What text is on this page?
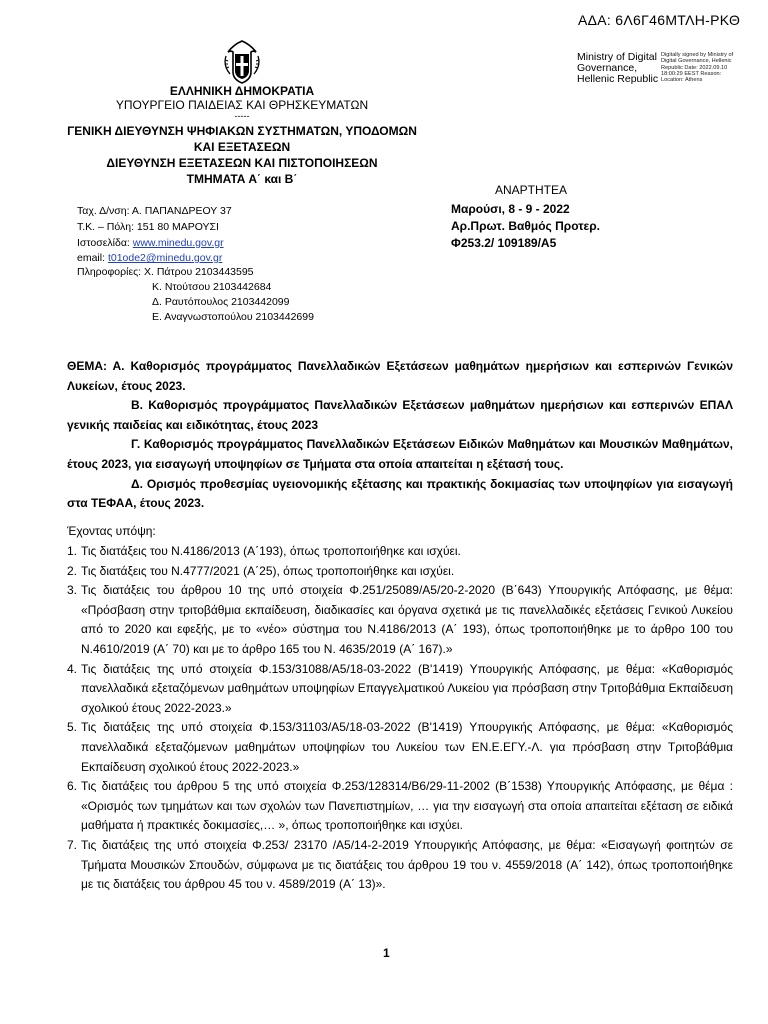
ΑΔΑ: 6Λ6Γ46ΜΤΛΗ-ΡΚΘ
Ministry of Digital Governance, Hellenic Republic
Digitally signed by Ministry of Digital Governance, Hellenic Republic Date: 2022.09.10 18:00:29 EEST Reason: Location: Athens
ΕΛΛΗΝΙΚΗ ΔΗΜΟΚΡΑΤΙΑ
ΥΠΟΥΡΓΕΙΟ ΠΑΙΔΕΙΑΣ ΚΑΙ ΘΡΗΣΚΕΥΜΑΤΩΝ
-----
ΓΕΝΙΚΗ ΔΙΕΥΘΥΝΣΗ ΨΗΦΙΑΚΩΝ ΣΥΣΤΗΜΑΤΩΝ, ΥΠΟΔΟΜΩΝ
ΚΑΙ ΕΞΕΤΑΣΕΩΝ
ΔΙΕΥΘΥΝΣΗ ΕΞΕΤΑΣΕΩΝ ΚΑΙ ΠΙΣΤΟΠΟΙΗΣΕΩΝ
ΤΜΗΜΑΤΑ Α΄ και Β΄
ΑΝΑΡΤΗΤΕΑ
Μαρούσι, 8 - 9 - 2022
Αρ.Πρωτ. Βαθμός Προτερ.
Φ253.2/ 109189/Α5
Ταχ. Δ/νση: Α. ΠΑΠΑΝΔΡΕΟΥ 37
Τ.Κ. – Πόλη: 151 80 ΜΑΡΟΥΣΙ
Ιστοσελίδα: www.minedu.gov.gr
email: t01ode2@minedu.gov.gr
Πληροφορίες: Χ. Πάτρου 2103443595
Κ. Ντούτσου 2103442684
Δ. Ραυτόπουλος 2103442099
Ε. Αναγνωστοπούλου 2103442699
ΘΕΜΑ: Α. Καθορισμός προγράμματος Πανελλαδικών Εξετάσεων μαθημάτων ημερήσιων και εσπερινών Γενικών Λυκείων, έτους 2023.
Β. Καθορισμός προγράμματος Πανελλαδικών Εξετάσεων μαθημάτων ημερήσιων και εσπερινών ΕΠΑΛ γενικής παιδείας και ειδικότητας, έτους 2023
Γ. Καθορισμός προγράμματος Πανελλαδικών Εξετάσεων Ειδικών Μαθημάτων και Μουσικών Μαθημάτων, έτους 2023, για εισαγωγή υποψηφίων σε Τμήματα στα οποία απαιτείται η εξέτασή τους.
Δ. Ορισμός προθεσμίας υγειονομικής εξέτασης και πρακτικής δοκιμασίας των υποψηφίων για εισαγωγή στα ΤΕΦΑΑ, έτους 2023.
Έχοντας υπόψη:
1. Τις διατάξεις του Ν.4186/2013 (Α΄193), όπως τροποποιήθηκε και ισχύει.

2. Τις διατάξεις του Ν.4777/2021 (Α΄25), όπως τροποποιήθηκε και ισχύει.

3. Τις διατάξεις του άρθρου 10 της υπό στοιχεία Φ.251/25089/Α5/20-2-2020 (Β΄643) Υπουργικής Απόφασης, με θέμα: «Πρόσβαση στην τριτοβάθμια εκπαίδευση, διαδικασίες και όργανα σχετικά με τις πανελλαδικές εξετάσεις Γενικού Λυκείου από το 2020 και εφεξής, με το «νέο» σύστημα του Ν.4186/2013 (Α΄ 193), όπως τροποποιήθηκε με το άρθρο 100 του Ν.4610/2019 (Α΄ 70) και με το άρθρο 165 του Ν. 4635/2019 (Α΄ 167).»

4. Τις διατάξεις της υπό στοιχεία Φ.153/31088/Α5/18-03-2022 (Β'1419) Υπουργικής Απόφασης, με θέμα: «Καθορισμός πανελλαδικά εξεταζόμενων μαθημάτων υποψηφίων Επαγγελματικού Λυκείου για πρόσβαση στην Τριτοβάθμια Εκπαίδευση σχολικού έτους 2022-2023.»

5. Τις διατάξεις της υπό στοιχεία Φ.153/31103/Α5/18-03-2022 (Β'1419) Υπουργικής Απόφασης, με θέμα: «Καθορισμός πανελλαδικά εξεταζόμενων μαθημάτων υποψηφίων του Λυκείου των ΕΝ.Ε.ΕΓΥ.-Λ. για πρόσβαση στην Τριτοβάθμια Εκπαίδευση σχολικού έτους 2022-2023.»

6. Τις διατάξεις του άρθρου 5 της υπό στοιχεία Φ.253/128314/Β6/29-11-2002 (Β΄1538) Υπουργικής Απόφασης, με θέμα : «Ορισμός των τμημάτων και των σχολών των Πανεπιστημίων, … για την εισαγωγή στα οποία απαιτείται εξέταση σε ειδικά μαθήματα ή πρακτικές δοκιμασίες,… », όπως τροποποιήθηκε και ισχύει.

7. Τις διατάξεις της υπό στοιχεία Φ.253/ 23170 /Α5/14-2-2019 Υπουργικής Απόφασης, με θέμα: «Εισαγωγή φοιτητών σε Τμήματα Μουσικών Σπουδών, σύμφωνα με τις διατάξεις του άρθρου 19 του ν. 4559/2018 (Α΄ 142), όπως τροποποιήθηκε με τις διατάξεις του άρθρου 45 του ν. 4589/2019 (Α΄ 13)».

1
